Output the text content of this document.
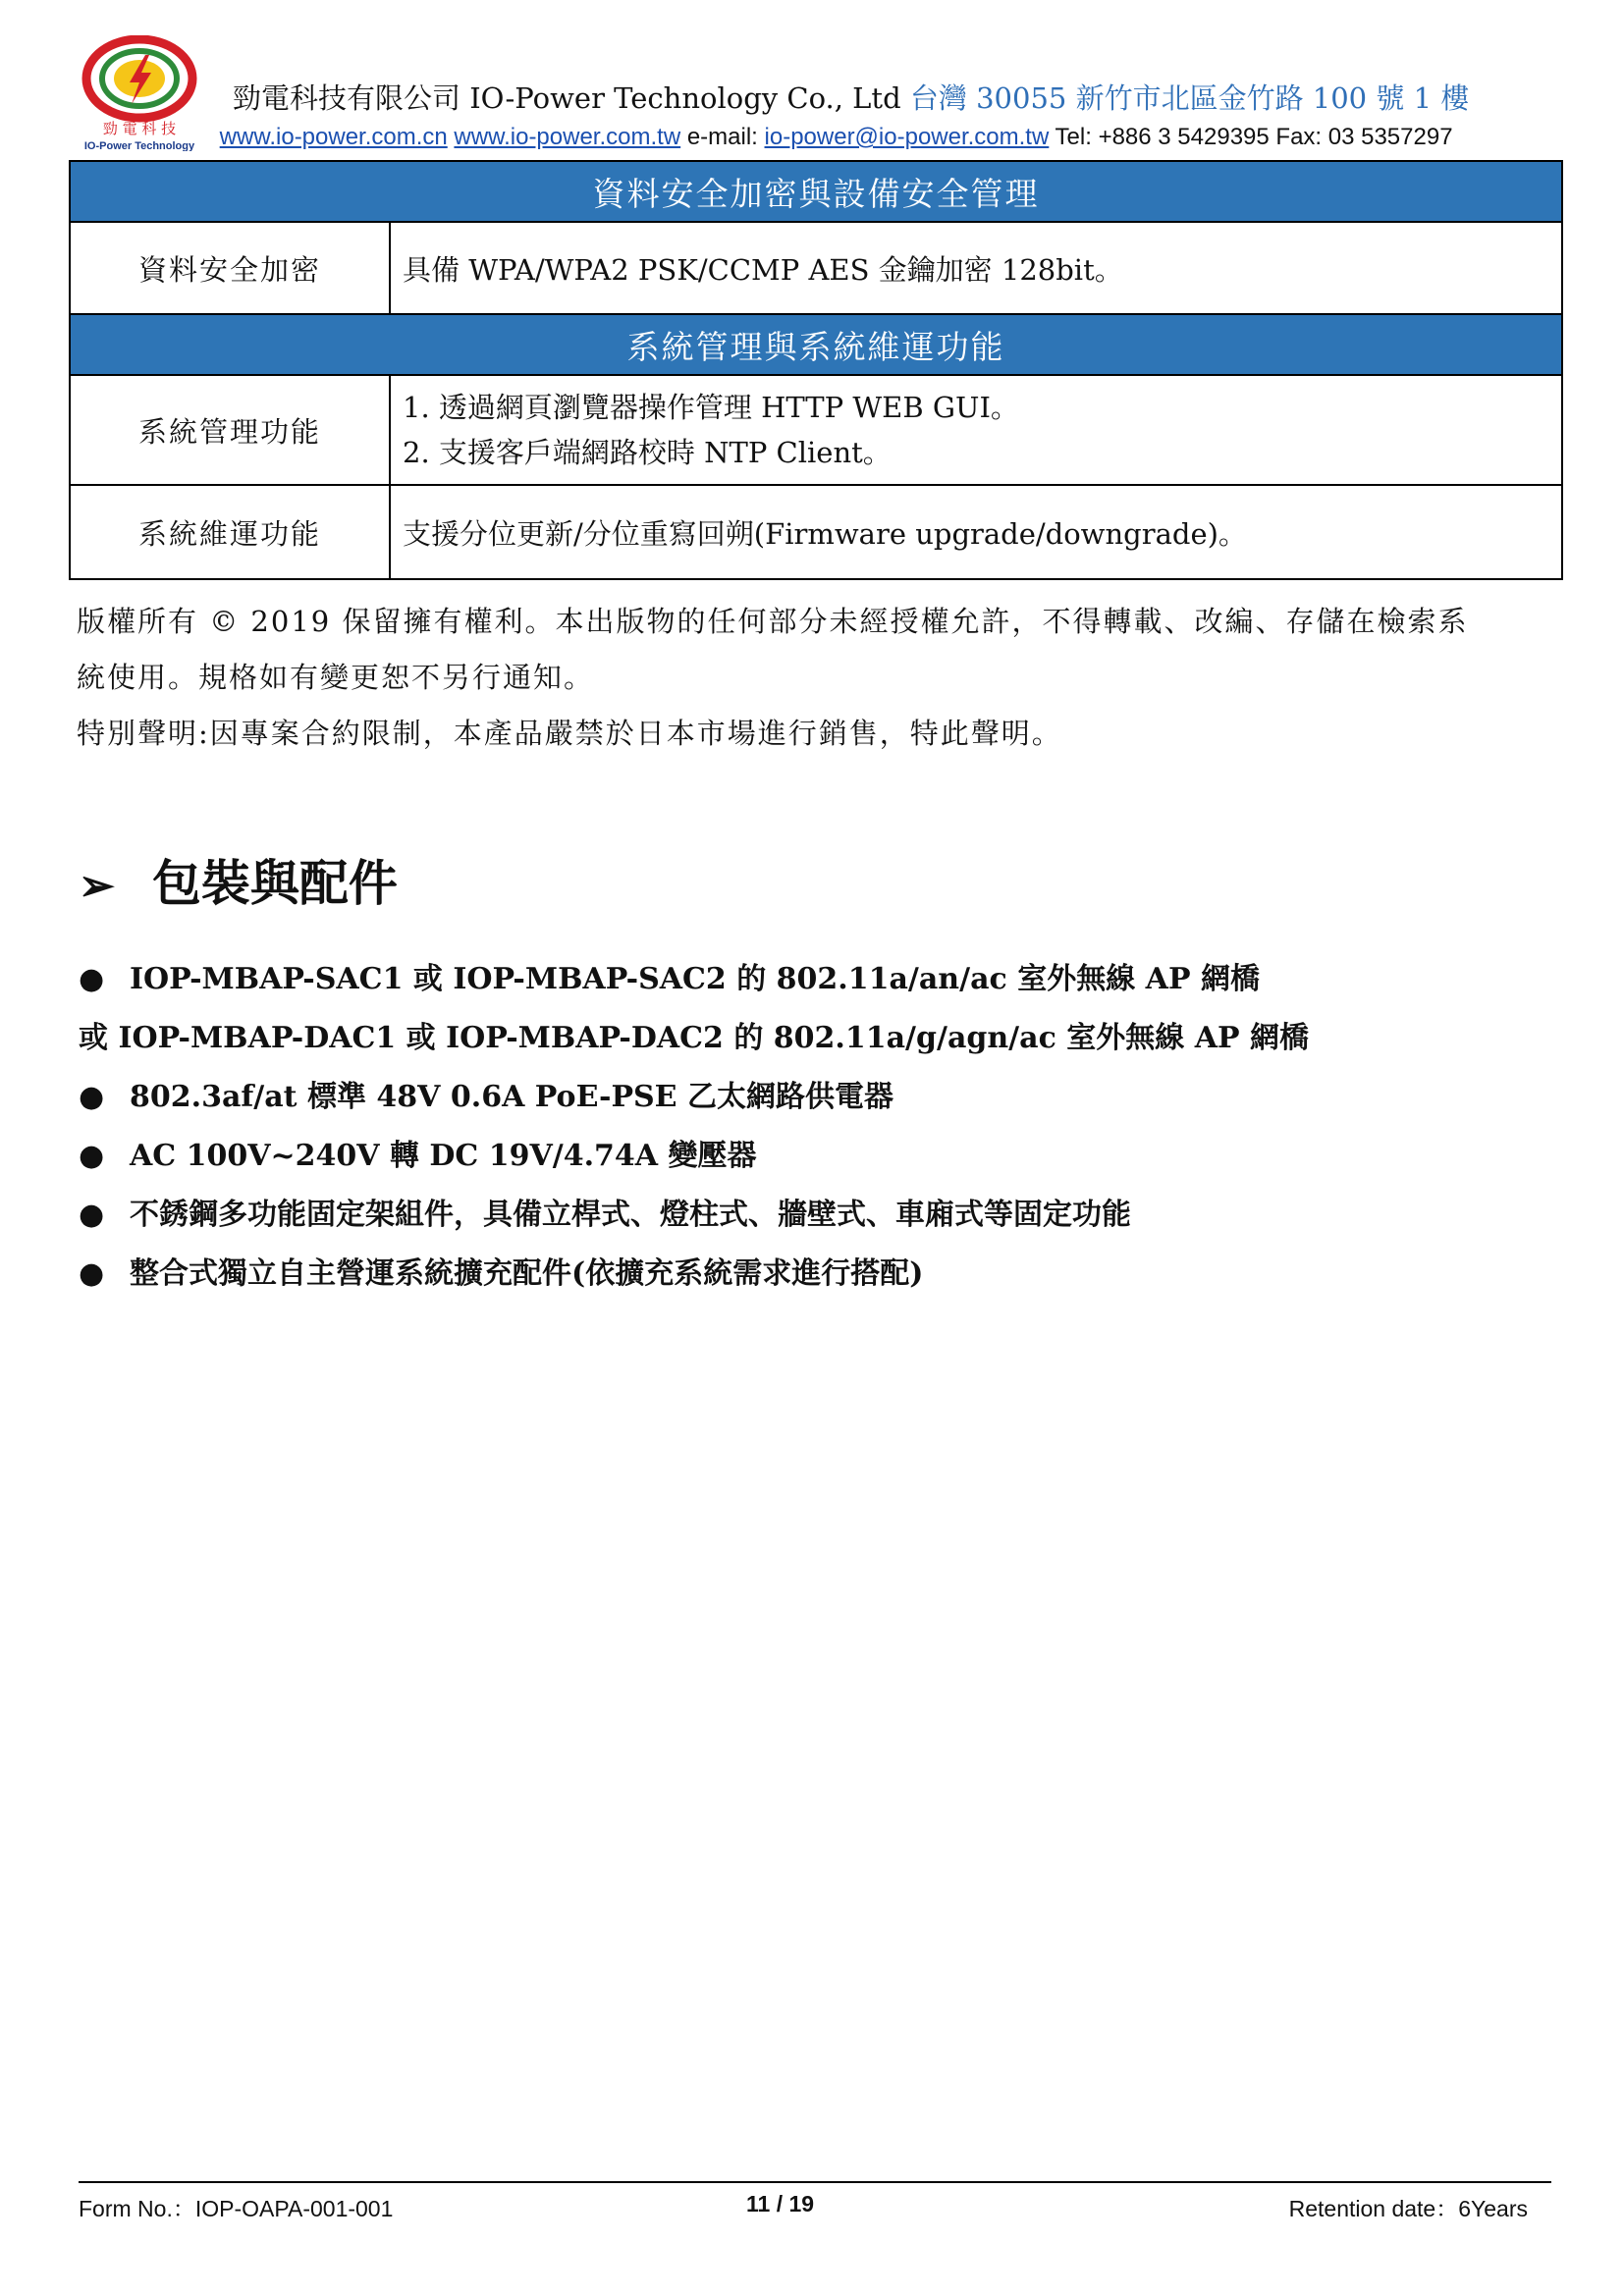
勁 電 科 技
IO-Power Technology
勁電科技有限公司 IO-Power Technology Co., Ltd 台灣 30055 新竹市北區金竹路 100 號 1 樓
www.io-power.com.cn www.io-power.com.tw e-mail: io-power@io-power.com.tw Tel: +886 3 5429395 Fax: 03 5357297
資料安全加密與設備安全管理	
資料安全加密	具備 WPA/WPA2 PSK/CCMP AES 金鑰加密 128bit。
系統管理與系統維運功能	
系統管理功能	1. 透過網頁瀏覽器操作管理 HTTP WEB GUI。
2. 支援客戶端網路校時 NTP Client。

系統維運功能	支援分位更新/分位重寫回朔(Firmware upgrade/downgrade)。

版權所有 © 2019 保留擁有權利。本出版物的任何部分未經授權允許，不得轉載、改編、存儲在檢索系

統使用。規格如有變更恕不另行通知。

特別聲明:因專案合約限制，本產品嚴禁於日本市場進行銷售，特此聲明。

➢ 包裝與配件
● IOP-MBAP-SAC1 或 IOP-MBAP-SAC2 的 802.11a/an/ac 室外無線 AP 網橋
或 IOP-MBAP-DAC1 或 IOP-MBAP-DAC2 的 802.11a/g/agn/ac 室外無線 AP 網橋
● 802.3af/at 標準 48V 0.6A PoE-PSE 乙太網路供電器
● AC 100V~240V 轉 DC 19V/4.74A 變壓器
● 不銹鋼多功能固定架組件，具備立桿式、燈柱式、牆壁式、車廂式等固定功能
● 整合式獨立自主營運系統擴充配件(依擴充系統需求進行搭配)
Form No.：IOP-OAPA-001-001	11 / 19	Retention date：6Years
